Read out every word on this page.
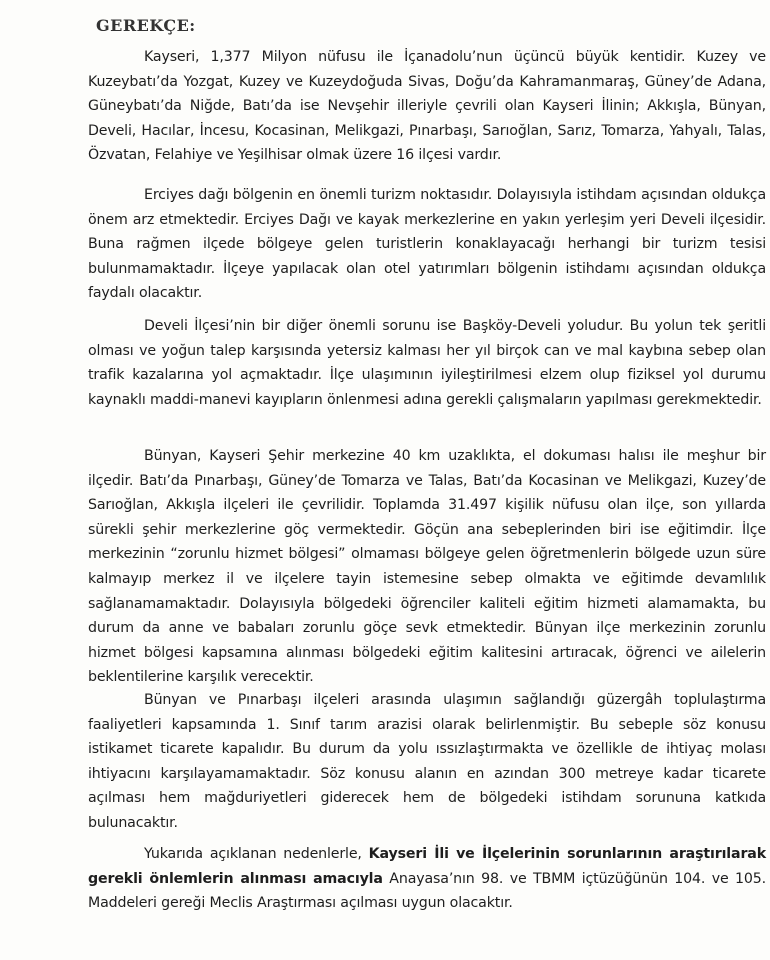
GEREKÇE:

Kayseri, 1,377 Milyon nüfusu ile İçanadolu’nun üçüncü büyük kentidir. Kuzey ve Kuzeybatı’da Yozgat, Kuzey ve Kuzeydoğuda Sivas, Doğu’da Kahramanmaraş, Güney’de Adana, Güneybatı’da Niğde, Batı’da ise Nevşehir illeriyle çevrili olan Kayseri İlinin; Akkışla, Bünyan, Develi, Hacılar, İncesu, Kocasinan, Melikgazi, Pınarbaşı, Sarıoğlan, Sarız, Tomarza, Yahyalı, Talas, Özvatan, Felahiye ve Yeşilhisar olmak üzere 16 ilçesi vardır.

Erciyes dağı bölgenin en önemli turizm noktasıdır. Dolayısıyla istihdam açısından oldukça önem arz etmektedir. Erciyes Dağı ve kayak merkezlerine en yakın yerleşim yeri Develi ilçesidir. Buna rağmen ilçede bölgeye gelen turistlerin konaklayacağı herhangi bir turizm tesisi bulunmamaktadır. İlçeye yapılacak olan otel yatırımları bölgenin istihdamı açısından oldukça faydalı olacaktır.

Develi İlçesi’nin bir diğer önemli sorunu ise Başköy-Develi yoludur. Bu yolun tek şeritli olması ve yoğun talep karşısında yetersiz kalması her yıl birçok can ve mal kaybına sebep olan trafik kazalarına yol açmaktadır. İlçe ulaşımının iyileştirilmesi elzem olup fiziksel yol durumu kaynaklı maddi-manevi kayıpların önlenmesi adına gerekli çalışmaların yapılması gerekmektedir.

Bünyan, Kayseri Şehir merkezine 40 km uzaklıkta, el dokuması halısı ile meşhur bir ilçedir. Batı’da Pınarbaşı, Güney’de Tomarza ve Talas, Batı’da Kocasinan ve Melikgazi, Kuzey’de Sarıoğlan, Akkışla ilçeleri ile çevrilidir. Toplamda 31.497 kişilik nüfusu olan ilçe, son yıllarda sürekli şehir merkezlerine göç vermektedir. Göçün ana sebeplerinden biri ise eğitimdir. İlçe merkezinin “zorunlu hizmet bölgesi” olmaması bölgeye gelen öğretmenlerin bölgede uzun süre kalmayıp merkez il ve ilçelere tayin istemesine sebep olmakta ve eğitimde devamlılık sağlanamamaktadır. Dolayısıyla bölgedeki öğrenciler kaliteli eğitim hizmeti alamamakta, bu durum da anne ve babaları zorunlu göçe sevk etmektedir. Bünyan ilçe merkezinin zorunlu hizmet bölgesi kapsamına alınması bölgedeki eğitim kalitesini artıracak, öğrenci ve ailelerin beklentilerine karşılık verecektir.

Bünyan ve Pınarbaşı ilçeleri arasında ulaşımın sağlandığı güzergâh toplulaştırma faaliyetleri kapsamında 1. Sınıf tarım arazisi olarak belirlenmiştir. Bu sebeple söz konusu istikamet ticarete kapalıdır. Bu durum da yolu ıssızlaştırmakta ve özellikle de ihtiyaç molası ihtiyacını karşılayamamaktadır. Söz konusu alanın en azından 300 metreye kadar ticarete açılması hem mağduriyetleri giderecek hem de bölgedeki istihdam sorununa katkıda bulunacaktır.

Yukarıda açıklanan nedenlerle, Kayseri İli ve İlçelerinin sorunlarının araştırılarak gerekli önlemlerin alınması amacıyla Anayasa’nın 98. ve TBMM içtüzüğünün 104. ve 105. Maddeleri gereği Meclis Araştırması açılması uygun olacaktır.
